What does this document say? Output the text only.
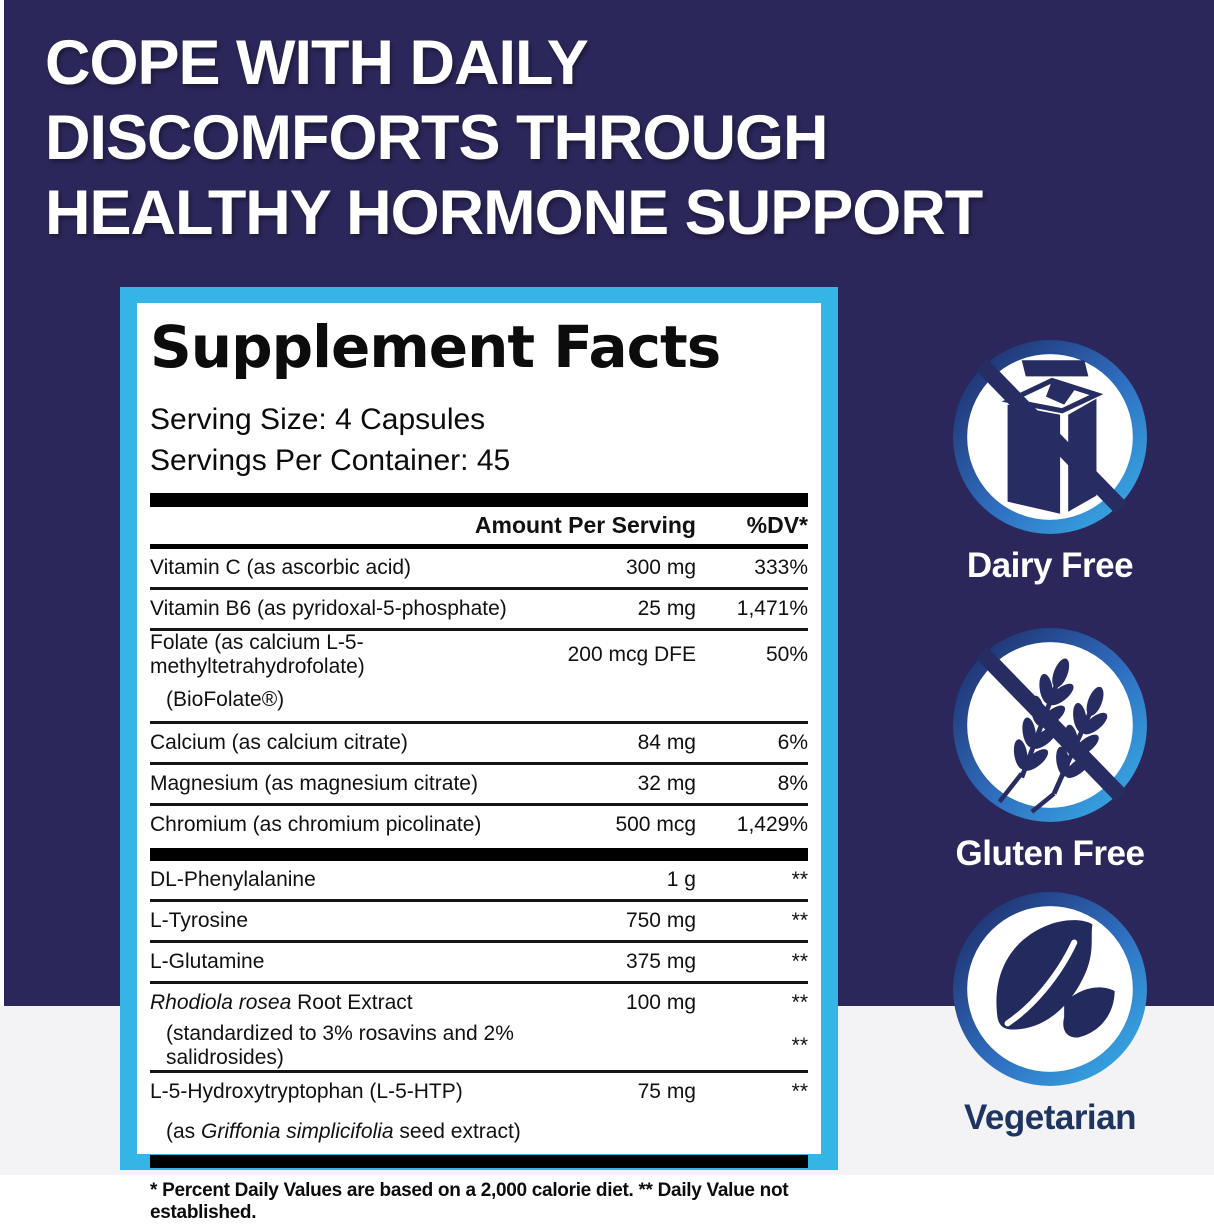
COPE WITH DAILY
DISCOMFORTS THROUGH
HEALTHY HORMONE SUPPORT
Supplement Facts
Serving Size: 4 Capsules
Servings Per Container: 45
Amount Per Serving	%DV*
Vitamin C (as ascorbic acid)	300 mg	333%
Vitamin B6 (as pyridoxal-5-phosphate)	25 mg	1,471%
Folate (as calcium L-5-methyltetrahydrofolate)
200 mcg DFE	50%
(BioFolate®)
Calcium (as calcium citrate)	84 mg	6%
Magnesium (as magnesium citrate)	32 mg	8%
Chromium (as chromium picolinate)	500 mcg	1,429%
DL-Phenylalanine	1 g	**
L-Tyrosine	750 mg	**
L-Glutamine	375 mg	**
Rhodiola rosea Root Extract	100 mg	**
(standardized to 3% rosavins and 2% salidrosides)
**
L-5-Hydroxytryptophan (L-5-HTP)	75 mg	**
(as Griffonia simplicifolia seed extract)
* Percent Daily Values are based on a 2,000 calorie diet. ** Daily Value not established.
Dairy Free
Gluten Free
Vegetarian
